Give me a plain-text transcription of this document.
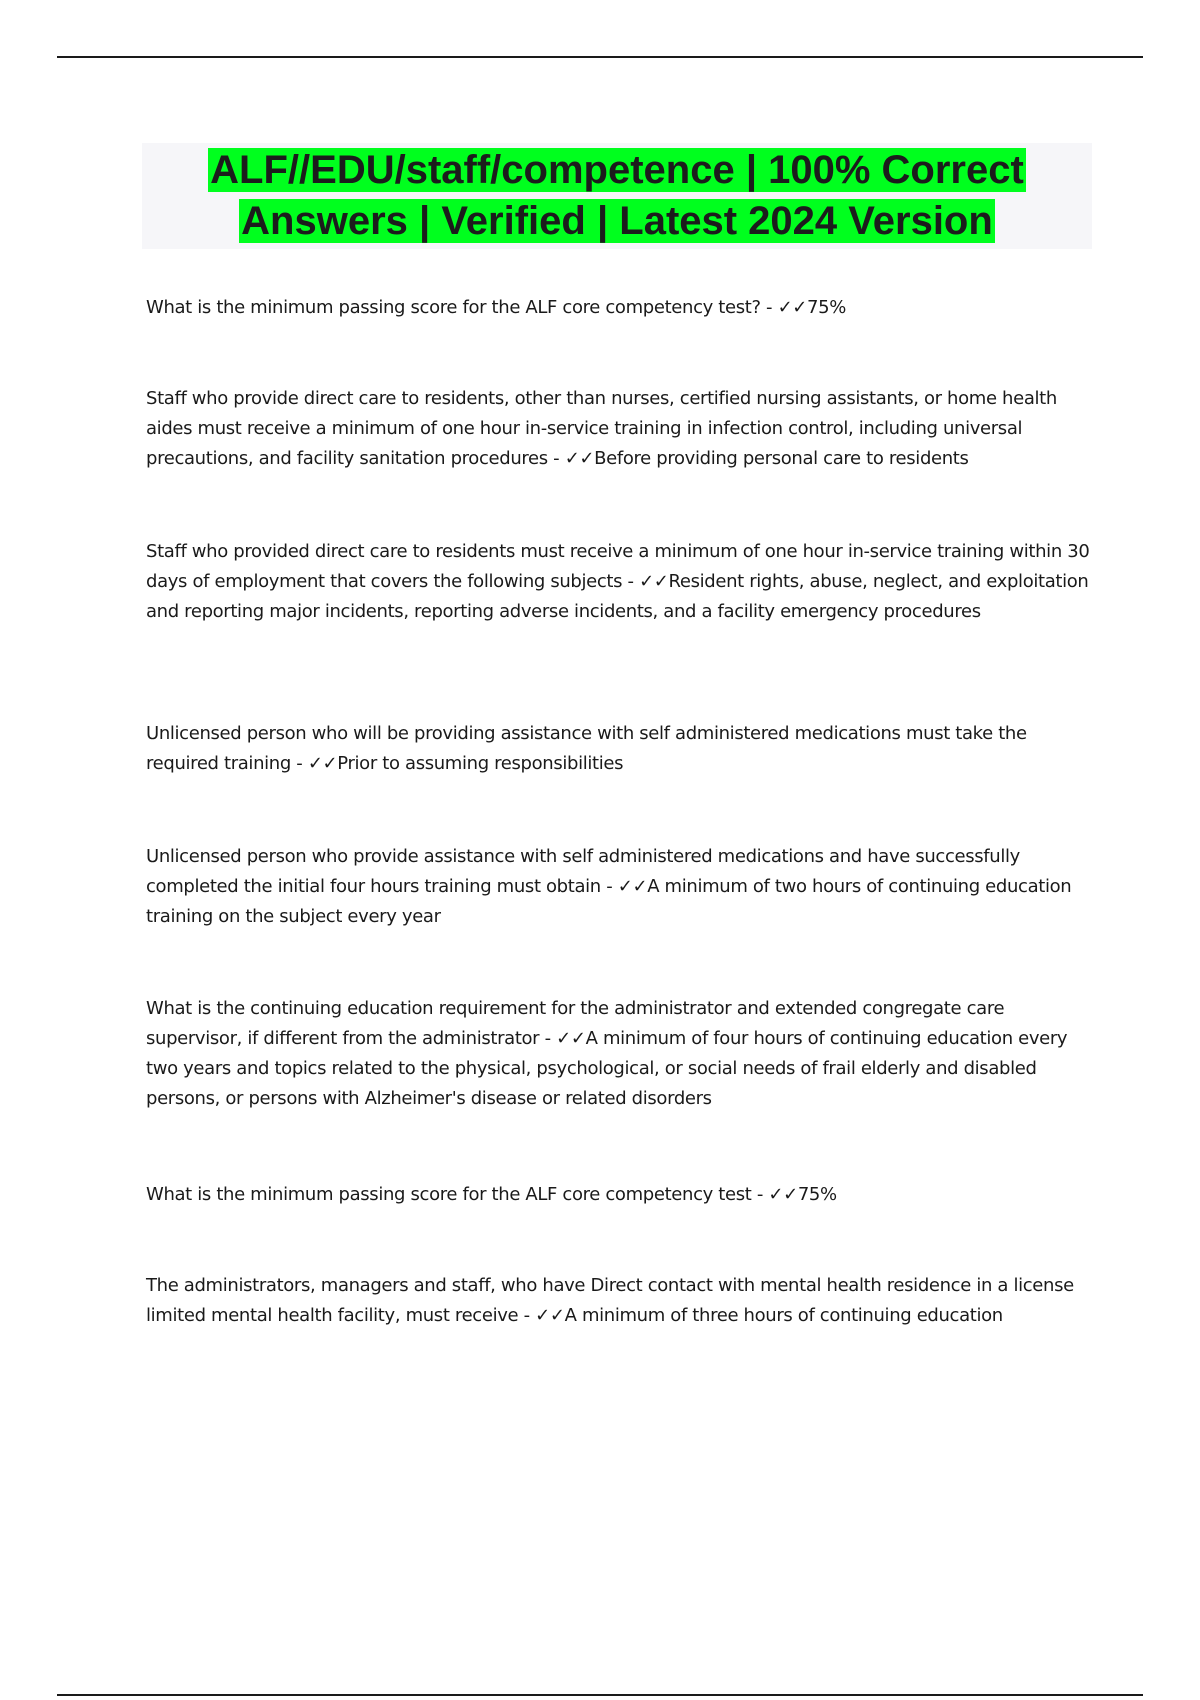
ALF//EDU/staff/competence | 100% Correct
Answers | Verified | Latest 2024 Version

What is the minimum passing score for the ALF core competency test? - ✓✓75%

Staff who provide direct care to residents, other than nurses, certified nursing assistants, or home health aides must receive a minimum of one hour in-service training in infection control, including universal precautions, and facility sanitation procedures - ✓✓Before providing personal care to residents

Staff who provided direct care to residents must receive a minimum of one hour in-service training within 30 days of employment that covers the following subjects - ✓✓Resident rights, abuse, neglect, and exploitation and reporting major incidents, reporting adverse incidents, and a facility emergency procedures

Unlicensed person who will be providing assistance with self administered medications must take the required training - ✓✓Prior to assuming responsibilities

Unlicensed person who provide assistance with self administered medications and have successfully completed the initial four hours training must obtain - ✓✓A minimum of two hours of continuing education training on the subject every year

What is the continuing education requirement for the administrator and extended congregate care supervisor, if different from the administrator - ✓✓A minimum of four hours of continuing education every two years and topics related to the physical, psychological, or social needs of frail elderly and disabled persons, or persons with Alzheimer's disease or related disorders

What is the minimum passing score for the ALF core competency test - ✓✓75%

The administrators, managers and staff, who have Direct contact with mental health residence in a license limited mental health facility, must receive - ✓✓A minimum of three hours of continuing education
